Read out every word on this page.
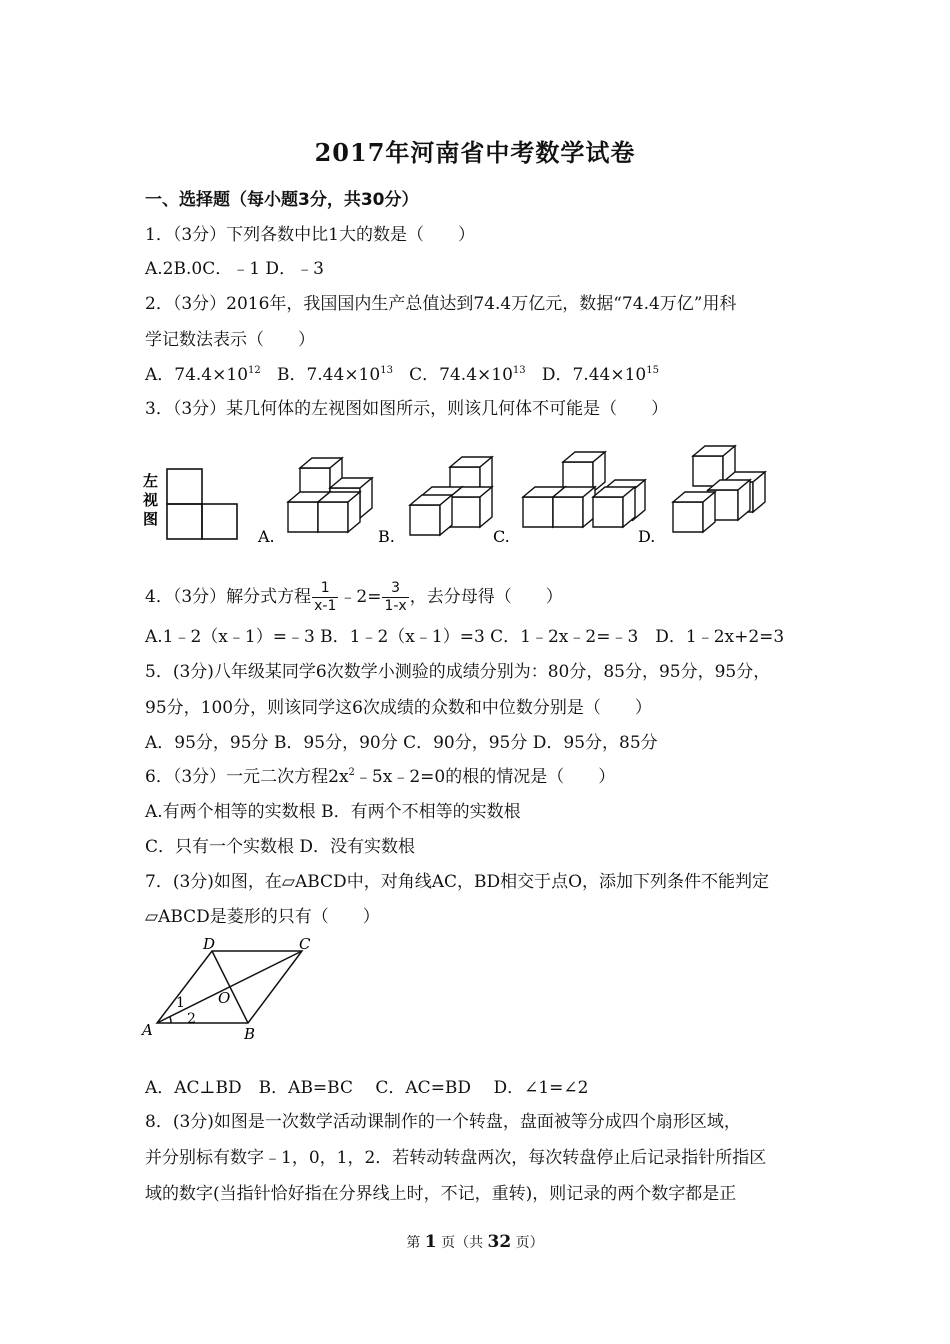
2017年河南省中考数学试卷
一、选择题（每小题3分，共30分）
1．（3分）下列各数中比1大的数是（　　）
A.2B.0C．﹣1 D．﹣3
2．（3分）2016年，我国国内生产总值达到74.4万亿元，数据“74.4万亿”用科
学记数法表示（　　）
A．$74.4\times 10^{12}$ B．$7.44\times 10^{13}$ C．$74.4\times 10^{13}$ D．$7.44\times 10^{15}$
3．（3分）某几何体的左视图如图所示，则该几何体不可能是（　　）
左
视
图
A.	B.	C.	D.
4．（3分）解分式方程 $\frac{1}{x-1}$ ﹣2= $\frac{3}{1-x}$ ，去分母得（　　）
A.1﹣2（x﹣1）=﹣3 B．1﹣2（x﹣1）=3 C．1﹣2x﹣2=﹣3　D．1﹣2x+2=3
5．(3分)八年级某同学6次数学小测验的成绩分别为：80分，85分，95分，95分，
95分，100分，则该同学这6次成绩的众数和中位数分别是（　　）
A．95分，95分 B．95分，90分 C．90分，95分 D．95分，85分
6．（3分）一元二次方程$2x^2﹣5x﹣2=0$的根的情况是（　　）
A.有两个相等的实数根 B．有两个不相等的实数根
C．只有一个实数根 D．没有实数根
7．(3分)如图，在▱ABCD中，对角线AC，BD相交于点O，添加下列条件不能判定
▱ABCD是菱形的只有（　　）
A	B
C
D
O
1
2
A．AC⊥BD　B．AB=BC　 C．AC=BD　 D．∠1=∠2
8．(3分)如图是一次数学活动课制作的一个转盘，盘面被等分成四个扇形区域，
并分别标有数字﹣1，0，1，2．若转动转盘两次，每次转盘停止后记录指针所指区
域的数字(当指针恰好指在分界线上时，不记，重转)，则记录的两个数字都是正
第 1 页（共 32 页）
